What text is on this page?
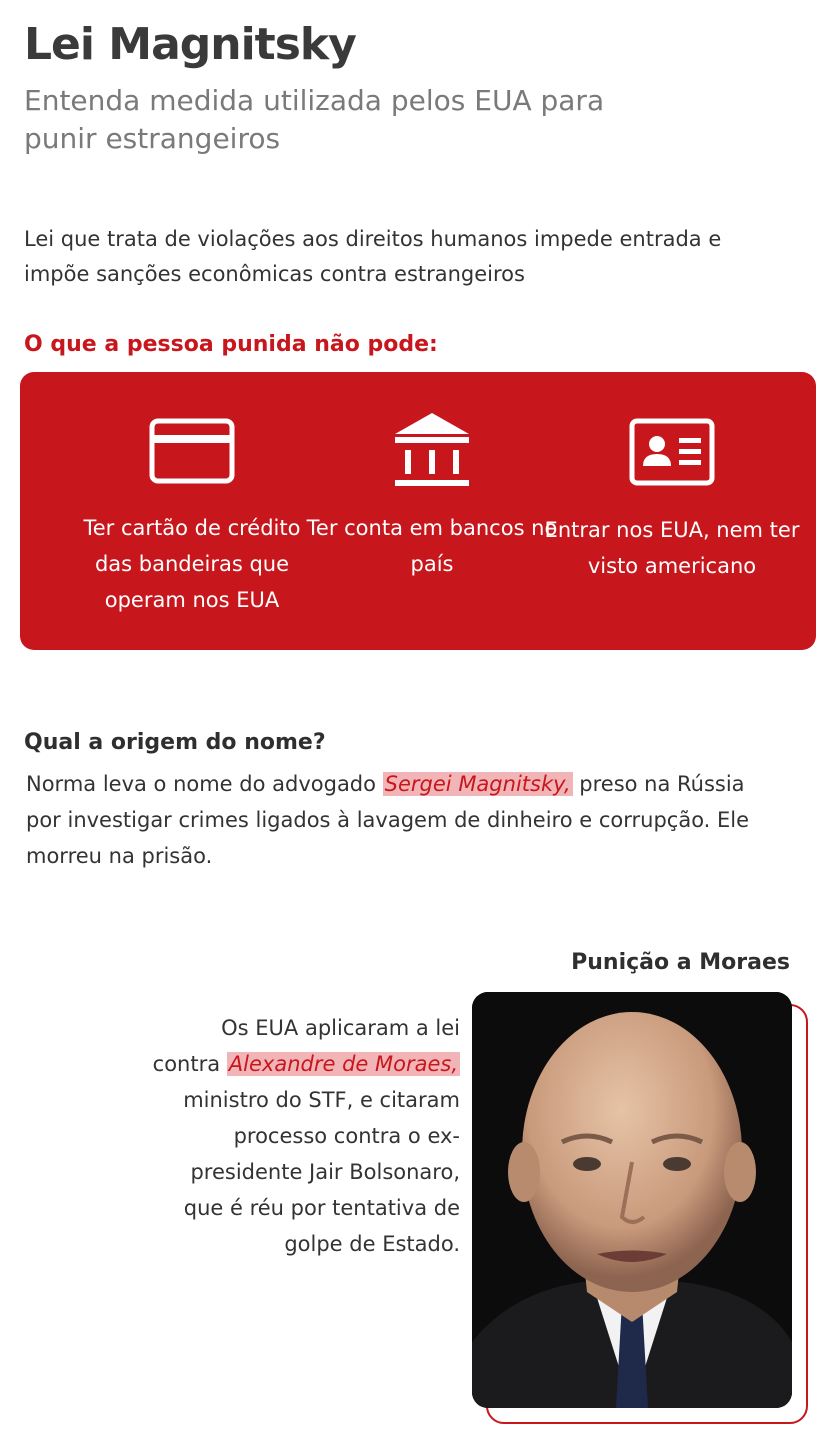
Lei Magnitsky
Entenda medida utilizada pelos EUA para punir estrangeiros
Lei que trata de violações aos direitos humanos impede entrada e impõe sanções econômicas contra estrangeiros
O que a pessoa punida não pode:
Ter cartão de crédito das bandeiras que operam nos EUA
Ter conta em bancos no país
Entrar nos EUA, nem ter visto americano
Qual a origem do nome?
Norma leva o nome do advogado Sergei Magnitsky, preso na Rússia por investigar crimes ligados à lavagem de dinheiro e corrupção. Ele morreu na prisão.
Punição a Moraes
Os EUA aplicaram a lei contra Alexandre de Moraes, ministro do STF, e citaram processo contra o ex-presidente Jair Bolsonaro, que é réu por tentativa de golpe de Estado.
